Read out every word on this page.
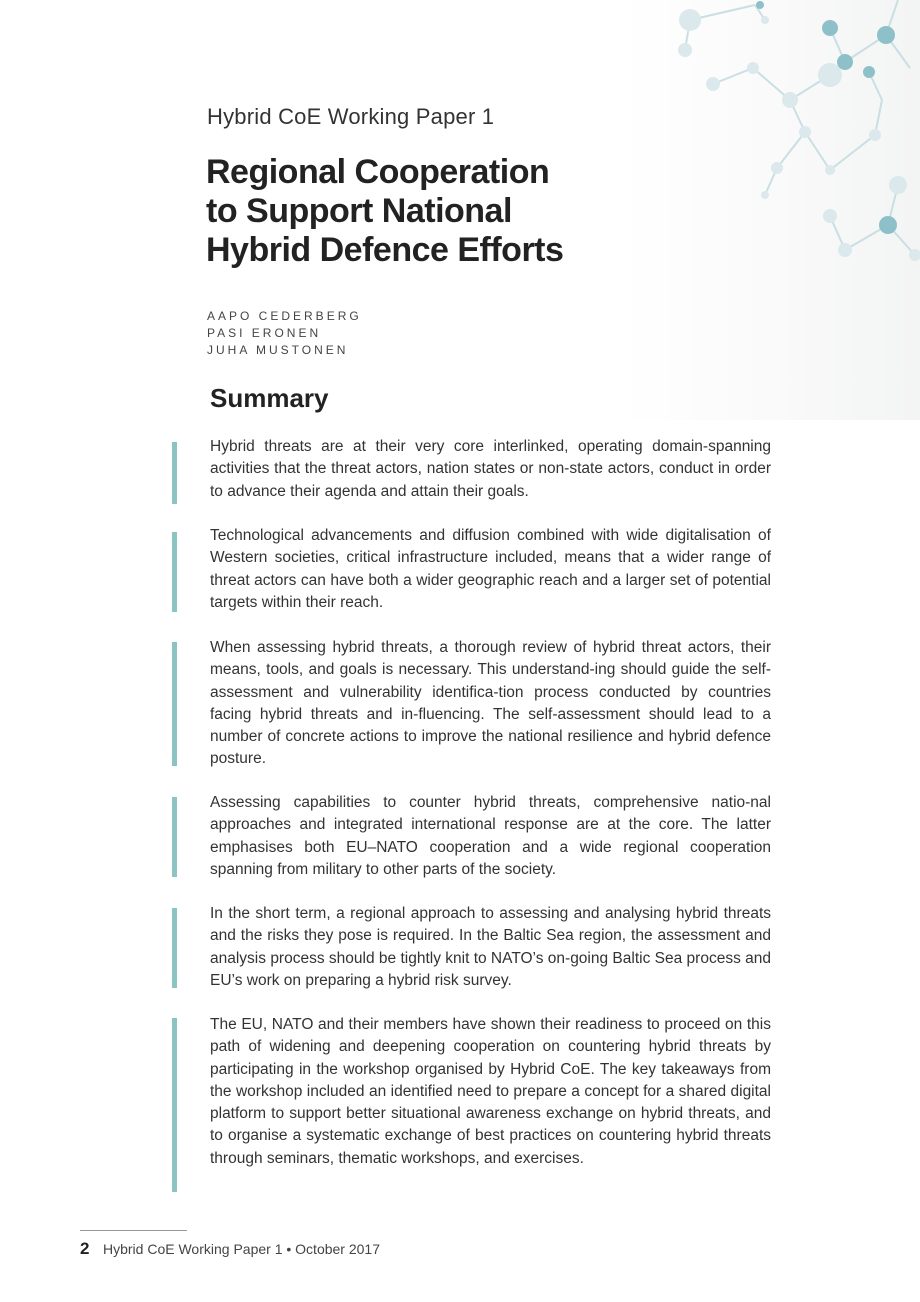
Hybrid CoE Working Paper 1
Regional Cooperation
to Support National
Hybrid Defence Efforts
AAPO CEDERBERG
PASI ERONEN
JUHA MUSTONEN
Summary

Hybrid threats are at their very core interlinked, operating domain-spanning activities that the threat actors, nation states or non-state actors, conduct in order to advance their agenda and attain their goals.

Technological advancements and diffusion combined with wide digitalisation of Western societies, critical infrastructure included, means that a wider range of threat actors can have both a wider geographic reach and a larger set of potential targets within their reach.

When assessing hybrid threats, a thorough review of hybrid threat actors, their means, tools, and goals is necessary. This understand-ing should guide the self-assessment and vulnerability identifica-tion process conducted by countries facing hybrid threats and in-fluencing. The self-assessment should lead to a number of concrete actions to improve the national resilience and hybrid defence posture.

Assessing capabilities to counter hybrid threats, comprehensive natio-nal approaches and integrated international response are at the core. The latter emphasises both EU–NATO cooperation and a wide regional cooperation spanning from military to other parts of the society.

In the short term, a regional approach to assessing and analysing hybrid threats and the risks they pose is required. In the Baltic Sea region, the assessment and analysis process should be tightly knit to NATO’s on-going Baltic Sea process and EU’s work on preparing a hybrid risk survey.

The EU, NATO and their members have shown their readiness to proceed on this path of widening and deepening cooperation on countering hybrid threats by participating in the workshop organised by Hybrid CoE. The key takeaways from the workshop included an identified need to prepare a concept for a shared digital platform to support better situational awareness exchange on hybrid threats, and to organise a systematic exchange of best practices on countering hybrid threats through seminars, thematic workshops, and exercises.

2 Hybrid CoE Working Paper 1 • October 2017
